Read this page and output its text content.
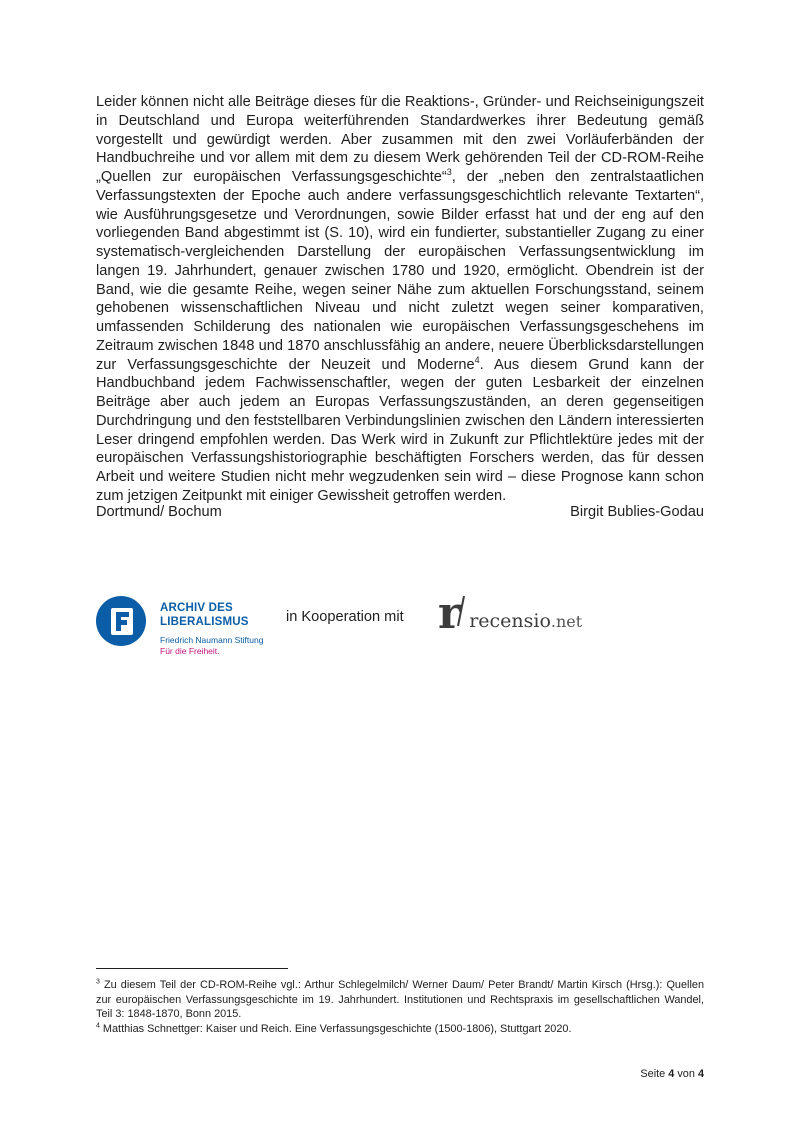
Leider können nicht alle Beiträge dieses für die Reaktions-, Gründer- und Reichseinigungszeit in Deutschland und Europa weiterführenden Standardwerkes ihrer Bedeutung gemäß vorgestellt und gewürdigt werden. Aber zusammen mit den zwei Vorläuferbänden der Handbuchreihe und vor allem mit dem zu diesem Werk gehörenden Teil der CD-ROM-Reihe „Quellen zur europäischen Verfassungsgeschichte“$^3$, der „neben den zentralstaatlichen Verfassungstexten der Epoche auch andere verfassungsgeschichtlich relevante Textarten“, wie Ausführungsgesetze und Verordnungen, sowie Bilder erfasst hat und der eng auf den vorliegenden Band abgestimmt ist (S. 10), wird ein fundierter, substantieller Zugang zu einer systematisch-vergleichenden Darstellung der europäischen Verfassungsentwicklung im langen 19. Jahrhundert, genauer zwischen 1780 und 1920, ermöglicht. Obendrein ist der Band, wie die gesamte Reihe, wegen seiner Nähe zum aktuellen Forschungsstand, seinem gehobenen wissenschaftlichen Niveau und nicht zuletzt wegen seiner komparativen, umfassenden Schilderung des nationalen wie europäischen Verfassungsgeschehens im Zeitraum zwischen 1848 und 1870 anschlussfähig an andere, neuere Überblicksdarstellungen zur Verfassungsgeschichte der Neuzeit und Moderne$^4$. Aus diesem Grund kann der Handbuchband jedem Fachwissenschaftler, wegen der guten Lesbarkeit der einzelnen Beiträge aber auch jedem an Europas Verfassungszuständen, an deren gegenseitigen Durchdringung und den feststellbaren Verbindungslinien zwischen den Ländern interessierten Leser dringend empfohlen werden. Das Werk wird in Zukunft zur Pflichtlektüre jedes mit der europäischen Verfassungshistoriographie beschäftigten Forschers werden, das für dessen Arbeit und weitere Studien nicht mehr wegzudenken sein wird – diese Prognose kann schon zum jetzigen Zeitpunkt mit einiger Gewissheit getroffen werden.
Dortmund/ Bochum	Birgit Bublies-Godau
ARCHIV DES
LIBERALISMUS
Friedrich Naumann Stiftung
Für die Freiheit.
in Kooperation mit r recensio.net
$^3$ Zu diesem Teil der CD-ROM-Reihe vgl.: Arthur Schlegelmilch/ Werner Daum/ Peter Brandt/ Martin Kirsch (Hrsg.): Quellen zur europäischen Verfassungsgeschichte im 19. Jahrhundert. Institutionen und Rechtspraxis im gesellschaftlichen Wandel, Teil 3: 1848-1870, Bonn 2015.
$^4$ Matthias Schnettger: Kaiser und Reich. Eine Verfassungsgeschichte (1500-1806), Stuttgart 2020.
Seite 4 von 4
